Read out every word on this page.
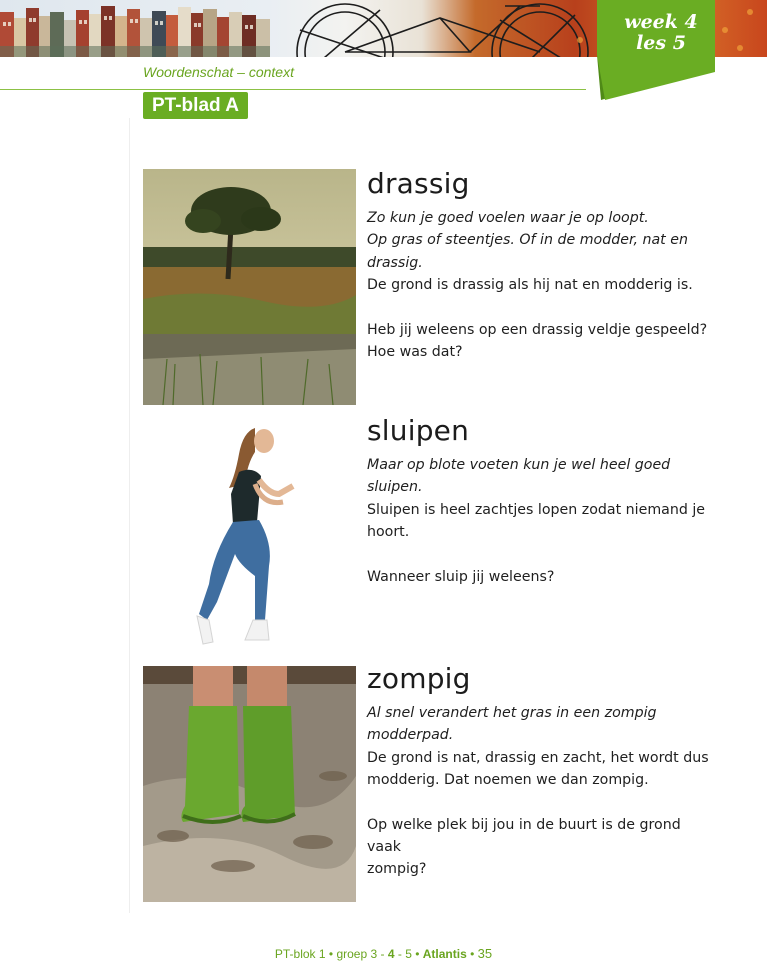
week 4
les 5
Woordenschat – context
PT-blad A
drassig
Zo kun je goed voelen waar je op loopt.
Op gras of steentjes. Of in de modder, nat en drassig.
De grond is drassig als hij nat en modderig is.
Heb jij weleens op een drassig veldje gespeeld?
Hoe was dat?
sluipen
Maar op blote voeten kun je wel heel goed sluipen.
Sluipen is heel zachtjes lopen zodat niemand je
hoort.
Wanneer sluip jij weleens?
zompig
Al snel verandert het gras in een zompig modderpad.
De grond is nat, drassig en zacht, het wordt dus
modderig. Dat noemen we dan zompig.
Op welke plek bij jou in de buurt is de grond vaak
zompig?
PT-blok 1 • groep 3 - 4 - 5 • Atlantis • 35
